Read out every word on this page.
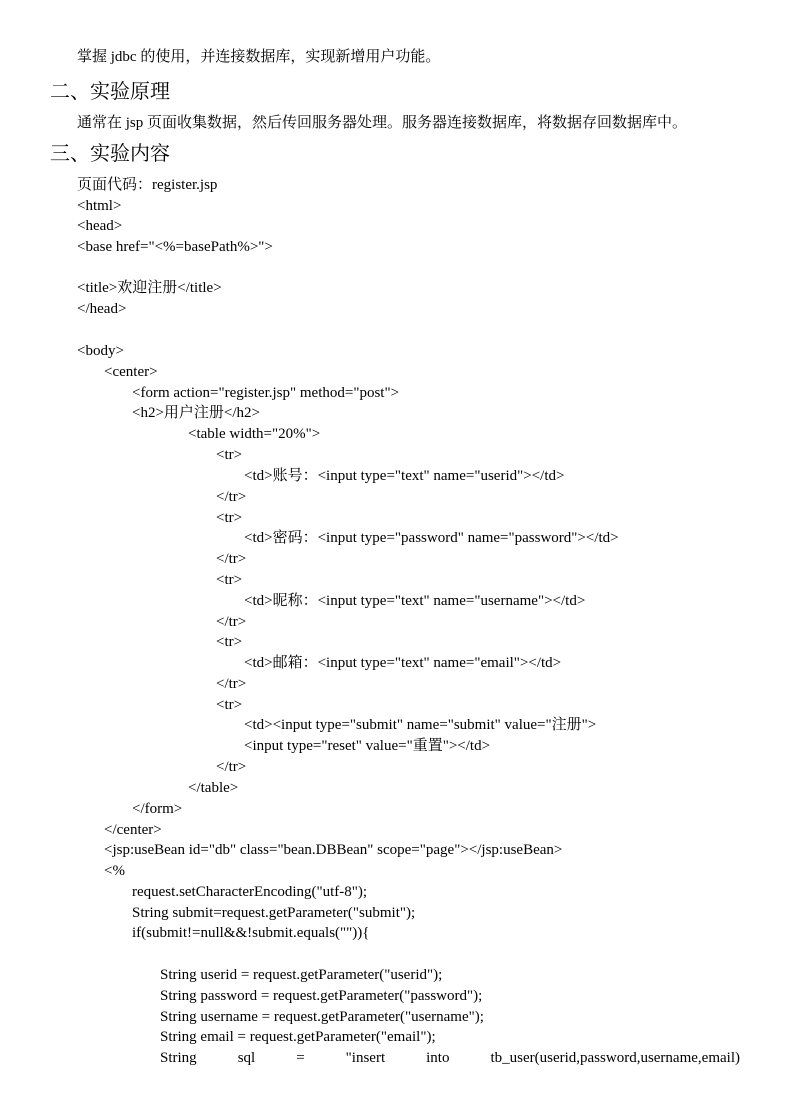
掌握 jdbc 的使用，并连接数据库，实现新增用户功能。
二、实验原理
通常在 jsp 页面收集数据，然后传回服务器处理。服务器连接数据库，将数据存回数据库中。
三、实验内容
页面代码：register.jsp
<html>
<head>
<base href="<%=basePath%>">
<title>欢迎注册</title>
</head>
<body>
<center>
<form action="register.jsp" method="post">
<h2>用户注册</h2>
<table width="20%">
<tr>
<td>账号：<input type="text" name="userid"></td>
</tr>
<tr>
<td>密码：<input type="password" name="password"></td>
</tr>
<tr>
<td>昵称：<input type="text" name="username"></td>
</tr>
<tr>
<td>邮箱：<input type="text" name="email"></td>
</tr>
<tr>
<td><input type="submit" name="submit" value="注册">
<input type="reset" value="重置"></td>
</tr>
</table>
</form>
</center>
<jsp:useBean id="db" class="bean.DBBean" scope="page"></jsp:useBean>
<%
request.setCharacterEncoding("utf-8");
String submit=request.getParameter("submit");
if(submit!=null&&!submit.equals("")){
String userid = request.getParameter("userid");
String password = request.getParameter("password");
String username = request.getParameter("username");
String email = request.getParameter("email");
String	sql	=	"insert	into	tb_user(userid,password,username,email)
